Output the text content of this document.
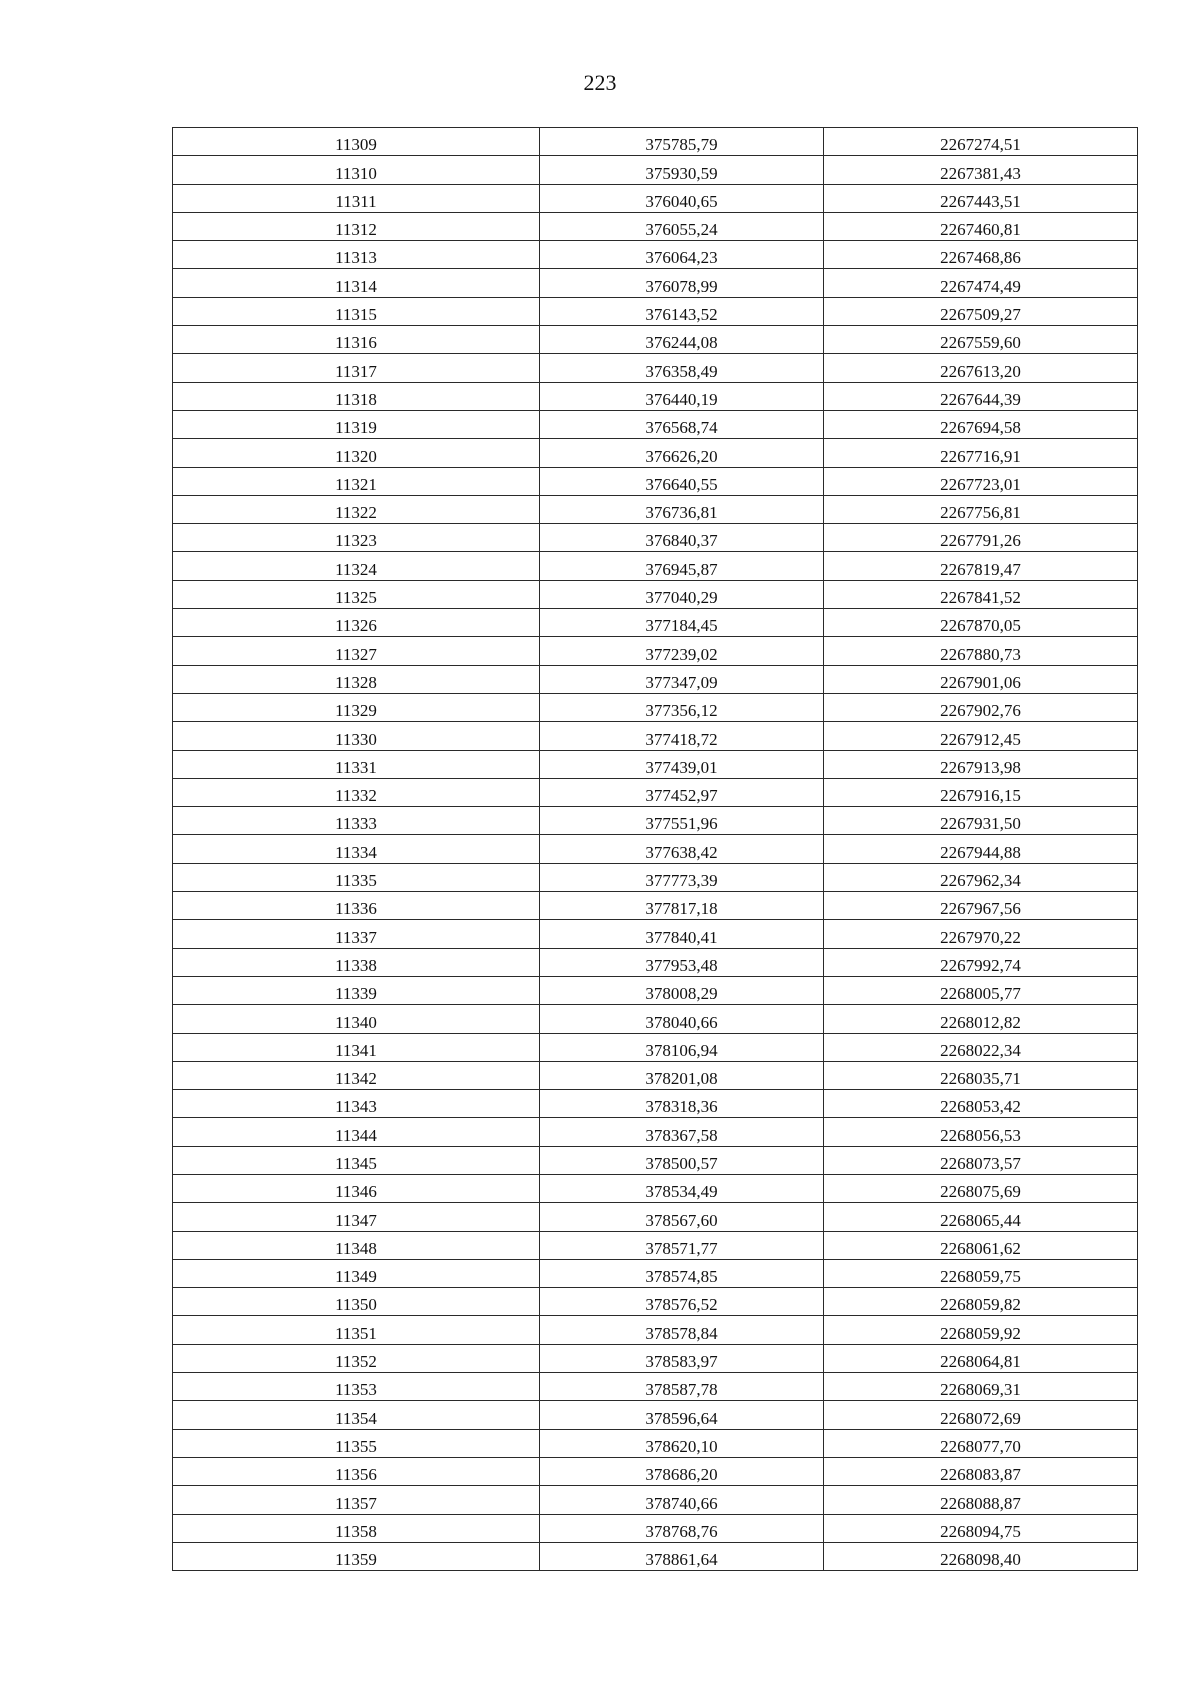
223
11309	375785,79	2267274,51
11310	375930,59	2267381,43
11311	376040,65	2267443,51
11312	376055,24	2267460,81
11313	376064,23	2267468,86
11314	376078,99	2267474,49
11315	376143,52	2267509,27
11316	376244,08	2267559,60
11317	376358,49	2267613,20
11318	376440,19	2267644,39
11319	376568,74	2267694,58
11320	376626,20	2267716,91
11321	376640,55	2267723,01
11322	376736,81	2267756,81
11323	376840,37	2267791,26
11324	376945,87	2267819,47
11325	377040,29	2267841,52
11326	377184,45	2267870,05
11327	377239,02	2267880,73
11328	377347,09	2267901,06
11329	377356,12	2267902,76
11330	377418,72	2267912,45
11331	377439,01	2267913,98
11332	377452,97	2267916,15
11333	377551,96	2267931,50
11334	377638,42	2267944,88
11335	377773,39	2267962,34
11336	377817,18	2267967,56
11337	377840,41	2267970,22
11338	377953,48	2267992,74
11339	378008,29	2268005,77
11340	378040,66	2268012,82
11341	378106,94	2268022,34
11342	378201,08	2268035,71
11343	378318,36	2268053,42
11344	378367,58	2268056,53
11345	378500,57	2268073,57
11346	378534,49	2268075,69
11347	378567,60	2268065,44
11348	378571,77	2268061,62
11349	378574,85	2268059,75
11350	378576,52	2268059,82
11351	378578,84	2268059,92
11352	378583,97	2268064,81
11353	378587,78	2268069,31
11354	378596,64	2268072,69
11355	378620,10	2268077,70
11356	378686,20	2268083,87
11357	378740,66	2268088,87
11358	378768,76	2268094,75
11359	378861,64	2268098,40
